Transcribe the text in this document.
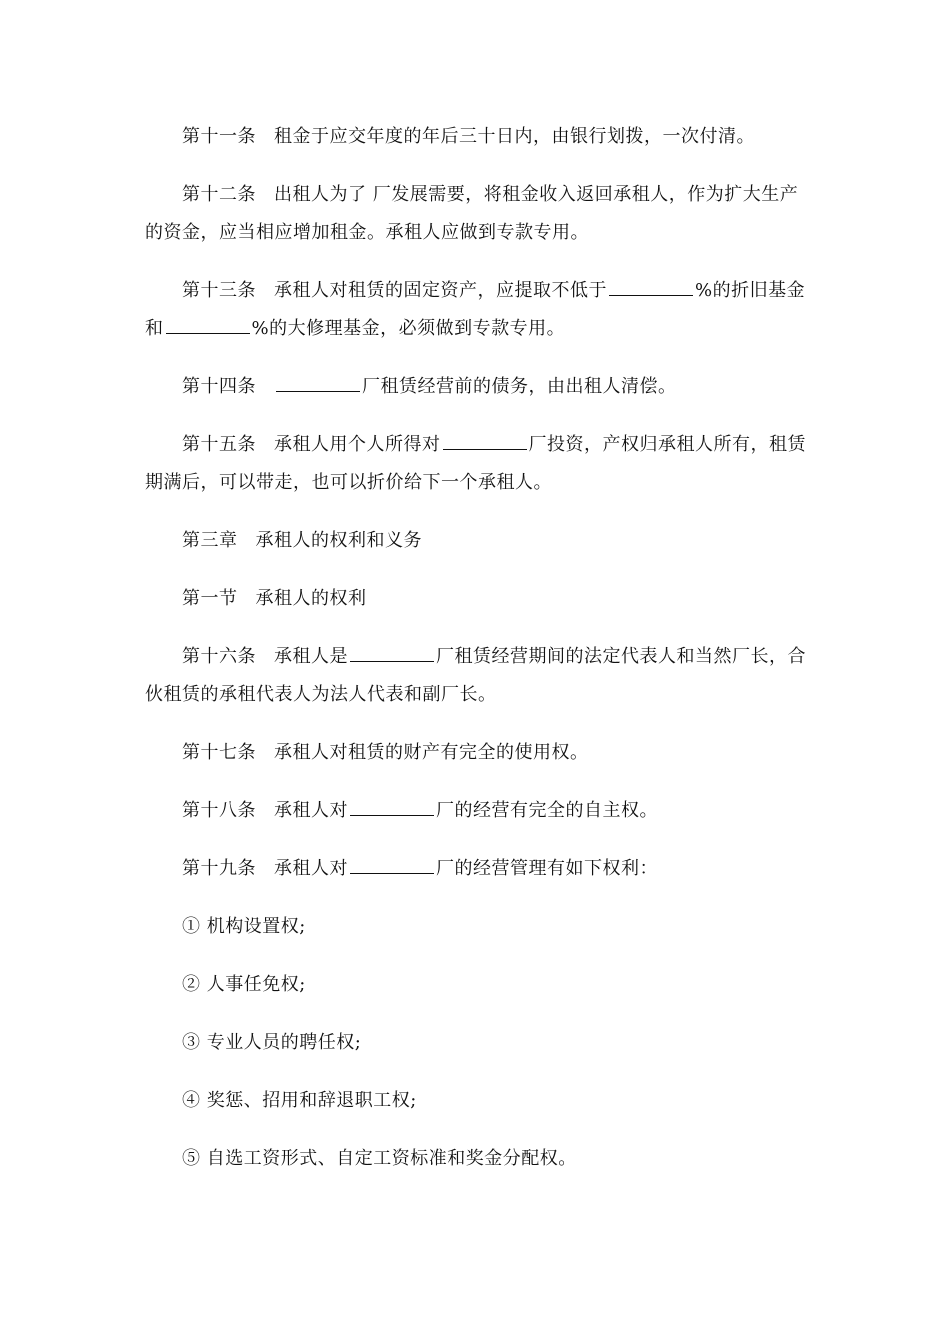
第十一条 租金于应交年度的年后三十日内，由银行划拨，一次付清。

第十二条 出租人为了 厂发展需要，将租金收入返回承租人，作为扩大生产的资金，应当相应增加租金。承租人应做到专款专用。

第十三条 承租人对租赁的固定资产，应提取不低于	%的折旧基金和	%的大修理基金，必须做到专款专用。

第十四条	厂租赁经营前的债务，由出租人清偿。

第十五条 承租人用个人所得对	厂投资，产权归承租人所有，租赁期满后，可以带走，也可以折价给下一个承租人。

第三章 承租人的权利和义务

第一节 承租人的权利

第十六条 承租人是	厂租赁经营期间的法定代表人和当然厂长，合伙租赁的承租代表人为法人代表和副厂长。

第十七条 承租人对租赁的财产有完全的使用权。

第十八条 承租人对	厂的经营有完全的自主权。

第十九条 承租人对	厂的经营管理有如下权利：

① 机构设置权;

② 人事任免权;

③ 专业人员的聘任权;

④ 奖惩、招用和辞退职工权;

⑤ 自选工资形式、自定工资标准和奖金分配权。
